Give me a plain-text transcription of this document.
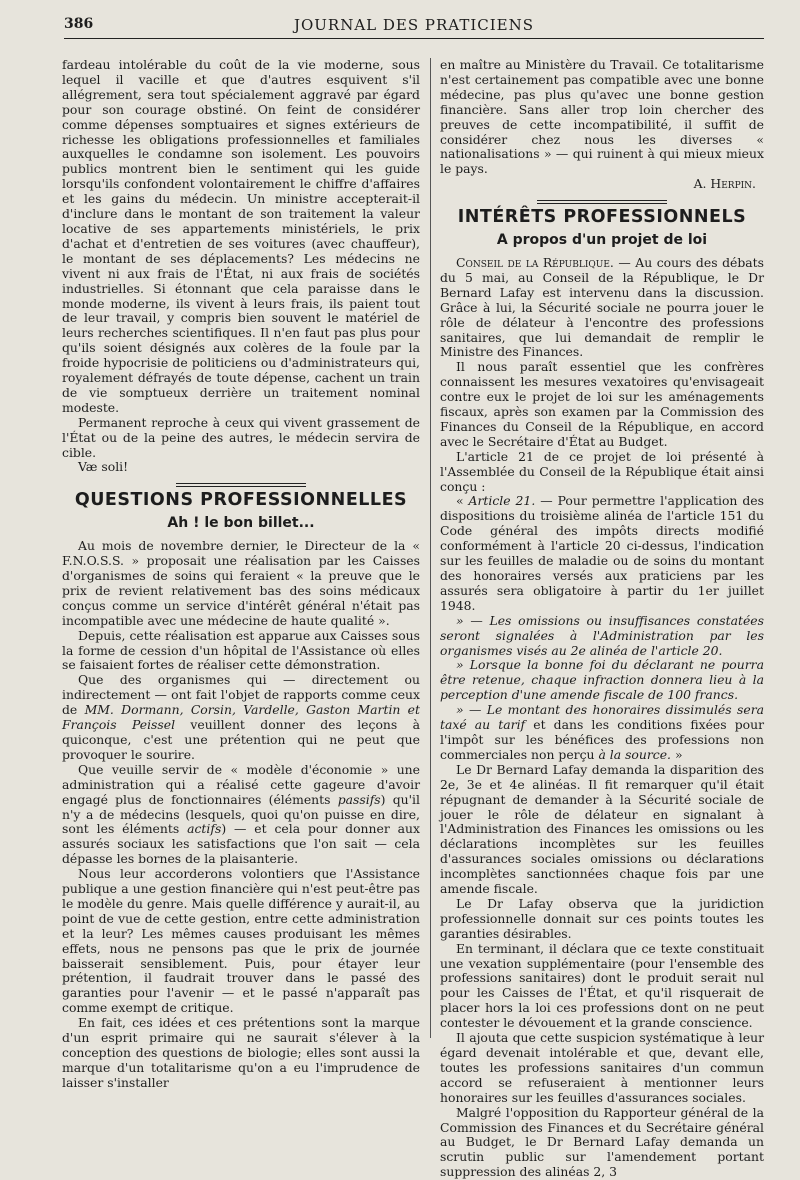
386	JOURNAL DES PRATICIENS

fardeau intolérable du coût de la vie moderne, sous lequel il vacille et que d'autres esquivent s'il allégrement, sera tout spécialement aggravé par égard pour son courage obstiné. On feint de considérer comme dépenses somptuaires et signes extérieurs de richesse les obligations professionnelles et familiales auxquelles le condamne son isolement. Les pouvoirs publics montrent bien le sentiment qui les guide lorsqu'ils confondent volontairement le chiffre d'affaires et les gains du médecin. Un ministre accepterait-il d'inclure dans le montant de son traitement la valeur locative de ses appartements ministériels, le prix d'achat et d'entretien de ses voitures (avec chauffeur), le montant de ses déplacements? Les médecins ne vivent ni aux frais de l'État, ni aux frais de sociétés industrielles. Si étonnant que cela paraisse dans le monde moderne, ils vivent à leurs frais, ils paient tout de leur travail, y compris bien souvent le matériel de leurs recherches scientifiques. Il n'en faut pas plus pour qu'ils soient désignés aux colères de la foule par la froide hypocrisie de politiciens ou d'administrateurs qui, royalement défrayés de toute dépense, cachent un train de vie somptueux derrière un traitement nominal modeste.

Permanent reproche à ceux qui vivent grassement de l'État ou de la peine des autres, le médecin servira de cible.

Væ soli!

QUESTIONS PROFESSIONNELLES
Ah ! le bon billet...

Au mois de novembre dernier, le Directeur de la « F.N.O.S.S. » proposait une réalisation par les Caisses d'organismes de soins qui feraient « la preuve que le prix de revient relativement bas des soins médicaux conçus comme un service d'intérêt général n'était pas incompatible avec une médecine de haute qualité ».

Depuis, cette réalisation est apparue aux Caisses sous la forme de cession d'un hôpital de l'Assistance où elles se faisaient fortes de réaliser cette démonstration.

Que des organismes qui — directement ou indirectement — ont fait l'objet de rapports comme ceux de MM. Dormann, Corsin, Vardelle, Gaston Martin et François Peissel veuillent donner des leçons à quiconque, c'est une prétention qui ne peut que provoquer le sourire.

Que veuille servir de « modèle d'économie » une administration qui a réalisé cette gageure d'avoir engagé plus de fonctionnaires (éléments passifs) qu'il n'y a de médecins (lesquels, quoi qu'on puisse en dire, sont les éléments actifs) — et cela pour donner aux assurés sociaux les satisfactions que l'on sait — cela dépasse les bornes de la plaisanterie.

Nous leur accorderons volontiers que l'Assistance publique a une gestion financière qui n'est peut-être pas le modèle du genre. Mais quelle différence y aurait-il, au point de vue de cette gestion, entre cette administration et la leur? Les mêmes causes produisant les mêmes effets, nous ne pensons pas que le prix de journée baisserait sensiblement. Puis, pour étayer leur prétention, il faudrait trouver dans le passé des garanties pour l'avenir — et le passé n'apparaît pas comme exempt de critique.

En fait, ces idées et ces prétentions sont la marque d'un esprit primaire qui ne saurait s'élever à la conception des questions de biologie; elles sont aussi la marque d'un totalitarisme qu'on a eu l'imprudence de laisser s'installer

en maître au Ministère du Travail. Ce totalitarisme n'est certainement pas compatible avec une bonne médecine, pas plus qu'avec une bonne gestion financière. Sans aller trop loin chercher des preuves de cette incompatibilité, il suffit de considérer chez nous les diverses « nationalisations » — qui ruinent à qui mieux mieux le pays.

A. Herpin.

INTÉRÊTS PROFESSIONNELS
A propos d'un projet de loi

Conseil de la République. — Au cours des débats du 5 mai, au Conseil de la République, le Dr Bernard Lafay est intervenu dans la discussion. Grâce à lui, la Sécurité sociale ne pourra jouer le rôle de délateur à l'encontre des professions sanitaires, que lui demandait de remplir le Ministre des Finances.

Il nous paraît essentiel que les confrères connaissent les mesures vexatoires qu'envisageait contre eux le projet de loi sur les aménagements fiscaux, après son examen par la Commission des Finances du Conseil de la République, en accord avec le Secrétaire d'État au Budget.

L'article 21 de ce projet de loi présenté à l'Assemblée du Conseil de la République était ainsi conçu :

« Article 21. — Pour permettre l'application des dispositions du troisième alinéa de l'article 151 du Code général des impôts directs modifié conformément à l'article 20 ci-dessus, l'indication sur les feuilles de maladie ou de soins du montant des honoraires versés aux praticiens par les assurés sera obligatoire à partir du 1er juillet 1948.

» — Les omissions ou insuffisances constatées seront signalées à l'Administration par les organismes visés au 2e alinéa de l'article 20.

» Lorsque la bonne foi du déclarant ne pourra être retenue, chaque infraction donnera lieu à la perception d'une amende fiscale de 100 francs.

» — Le montant des honoraires dissimulés sera taxé au tarif et dans les conditions fixées pour l'impôt sur les bénéfices des professions non commerciales non perçu à la source. »

Le Dr Bernard Lafay demanda la disparition des 2e, 3e et 4e alinéas. Il fit remarquer qu'il était répugnant de demander à la Sécurité sociale de jouer le rôle de délateur en signalant à l'Administration des Finances les omissions ou les déclarations incomplètes sur les feuilles d'assurances sociales omissions ou déclarations incomplètes sanctionnées chaque fois par une amende fiscale.

Le Dr Lafay observa que la juridiction professionnelle donnait sur ces points toutes les garanties désirables.

En terminant, il déclara que ce texte constituait une vexation supplémentaire (pour l'ensemble des professions sanitaires) dont le produit serait nul pour les Caisses de l'État, et qu'il risquerait de placer hors la loi ces professions dont on ne peut contester le dévouement et la grande conscience.

Il ajouta que cette suspicion systématique à leur égard devenait intolérable et que, devant elle, toutes les professions sanitaires d'un commun accord se refuseraient à mentionner leurs honoraires sur les feuilles d'assurances sociales.

Malgré l'opposition du Rapporteur général de la Commission des Finances et du Secrétaire général au Budget, le Dr Bernard Lafay demanda un scrutin public sur l'amendement portant suppression des alinéas 2, 3
